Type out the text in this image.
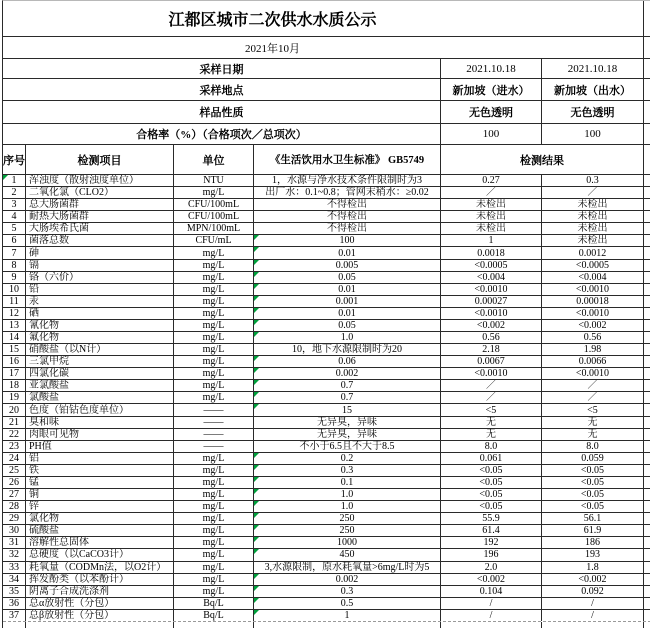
江都区城市二次供水水质公示
2021年10月
采样日期	2021.10.18	2021.10.18
采样地点	新加坡（进水）	新加坡（出水）
样品性质	无色透明	无色透明
合格率（%）（合格项次／总项次）	100	100
序号	检测项目	单位	《生活饮用水卫生标准》 GB5749	检测结果
1	浑浊度（散射浊度单位）	NTU	1，水源与净水技术条件限制时为3	0.27	0.3
2	二氧化氯（CLO2）	mg/L	出厂水：0.1~0.8；管网末稍水：≥0.02	／	／
3	总大肠菌群	CFU/100mL	不得检出	未检出	未检出
4	耐热大肠菌群	CFU/100mL	不得检出	未检出	未检出
5	大肠埃希氏菌	MPN/100mL	不得检出	未检出	未检出
6	菌落总数	CFU/mL	100	1	未检出
7	砷	mg/L	0.01	0.0018	0.0012
8	镉	mg/L	0.005	<0.0005	<0.0005
9	铬（六价）	mg/L	0.05	<0.004	<0.004
10	铅	mg/L	0.01	<0.0010	<0.0010
11	汞	mg/L	0.001	0.00027	0.00018
12	硒	mg/L	0.01	<0.0010	<0.0010
13	氰化物	mg/L	0.05	<0.002	<0.002
14	氟化物	mg/L	1.0	0.56	0.56
15	硝酸盐（以N计）	mg/L	10，地下水源限制时为20	2.18	1.98
16	三氯甲烷	mg/L	0.06	0.0067	0.0066
17	四氯化碳	mg/L	0.002	<0.0010	<0.0010
18	亚氯酸盐	mg/L	0.7	／	／
19	氯酸盐	mg/L	0.7	／	／
20	色度（铂钴色度单位）	——	15	<5	<5
21	臭和味	——	无异臭，异味	无	无
22	肉眼可见物	——	无异臭，异味	无	无
23	PH值	——	不小于6.5且不大于8.5	8.0	8.0
24	铝	mg/L	0.2	0.061	0.059
25	铁	mg/L	0.3	<0.05	<0.05
26	锰	mg/L	0.1	<0.05	<0.05
27	铜	mg/L	1.0	<0.05	<0.05
28	锌	mg/L	1.0	<0.05	<0.05
29	氯化物	mg/L	250	55.9	56.1
30	硫酸盐	mg/L	250	61.4	61.9
31	溶解性总固体	mg/L	1000	192	186
32	总硬度（以CaCO3计）	mg/L	450	196	193
33	耗氧量（CODMn法，以O2计）	mg/L	3,水源限制，原水耗氧量>6mg/L时为5	2.0	1.8
34	挥发酚类（以苯酚计）	mg/L	0.002	<0.002	<0.002
35	阴离子合成洗涤剂	mg/L	0.3	0.104	0.092
36	总α放射性（分包）	Bq/L	0.5	/	/
37	总β放射性（分包）	Bq/L	1	/	/
